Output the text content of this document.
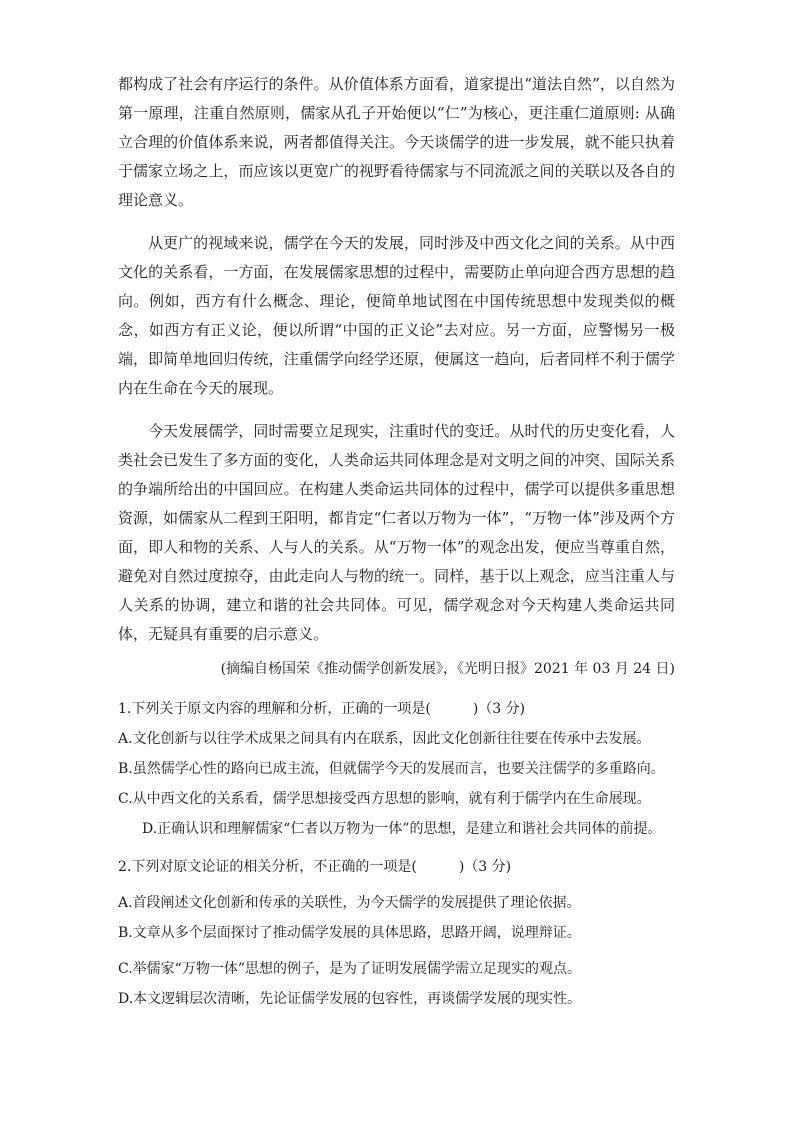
都构成了社会有序运行的条件。从价值体系方面看，道家提出“道法自然”，以自然为第一原理，注重自然原则，儒家从孔子开始便以“仁”为核心，更注重仁道原则: 从确立合理的价值体系来说，两者都值得关注。今天谈儒学的进一步发展，就不能只执着于儒家立场之上，而应该以更宽广的视野看待儒家与不同流派之间的关联以及各自的理论意义。

从更广的视域来说，儒学在今天的发展，同时涉及中西文化之间的关系。从中西文化的关系看，一方面，在发展儒家思想的过程中，需要防止单向迎合西方思想的趋向。例如，西方有什么概念、理论，便简单地试图在中国传统思想中发现类似的概念，如西方有正义论，便以所谓“中国的正义论”去对应。另一方面，应警惕另一极端，即简单地回归传统，注重儒学向经学还原，便属这一趋向，后者同样不利于儒学内在生命在今天的展现。

今天发展儒学，同时需要立足现实，注重时代的变迁。从时代的历史变化看，人类社会已发生了多方面的变化，人类命运共同体理念是对文明之间的冲突、国际关系的争端所给出的中国回应。在构建人类命运共同体的过程中，儒学可以提供多重思想资源，如儒家从二程到王阳明，都肯定“仁者以万物为一体”，“万物一体”涉及两个方面，即人和物的关系、人与人的关系。从“万物一体”的观念出发，便应当尊重自然，避免对自然过度掠夺，由此走向人与物的统一。同样，基于以上观念，应当注重人与人关系的协调，建立和谐的社会共同体。可见，儒学观念对今天构建人类命运共同体，无疑具有重要的启示意义。

(摘编自杨国荣《推动儒学创新发展》，《光明日报》2021 年 03 月 24 日)

1.下列关于原文内容的理解和分析，正确的一项是(　　　)（3 分)

A.文化创新与以往学术成果之间具有内在联系，因此文化创新往往要在传承中去发展。

B.虽然儒学心性的路向已成主流，但就儒学今天的发展而言，也要关注儒学的多重路向。

C.从中西文化的关系看，儒学思想接受西方思想的影响，就有利于儒学内在生命展现。

D.正确认识和理解儒家“仁者以万物为一体”的思想，是建立和谐社会共同体的前提。

2.下列对原文论证的相关分析，不正确的一项是(　　　)（3 分)

A.首段阐述文化创新和传承的关联性，为今天儒学的发展提供了理论依据。

B.文章从多个层面探讨了推动儒学发展的具体思路，思路开阔，说理辩证。

C.举儒家“万物一体”思想的例子，是为了证明发展儒学需立足现实的观点。

D.本文逻辑层次清晰，先论证儒学发展的包容性，再谈儒学发展的现实性。
